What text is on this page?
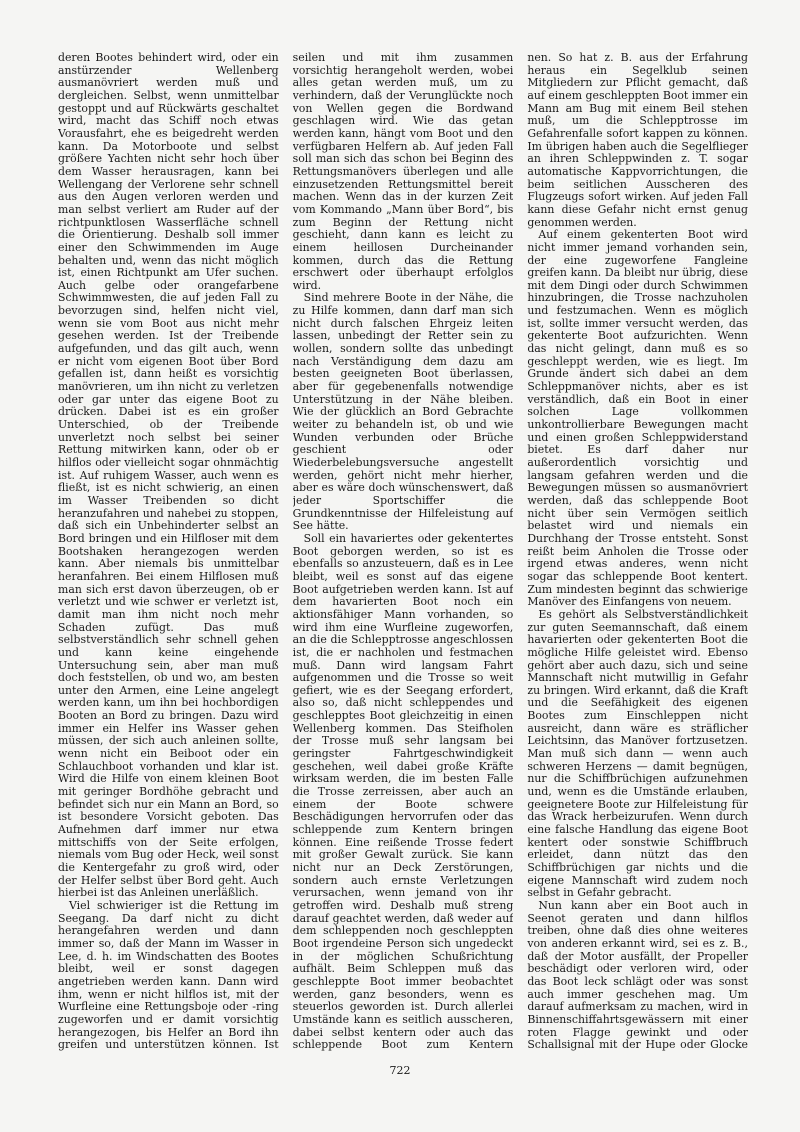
deren Bootes behindert wird, oder ein anstürzender Wellenberg ausmanövriert werden muß und dergleichen. Selbst, wenn unmittelbar gestoppt und auf Rückwärts geschaltet wird, macht das Schiff noch etwas Vorausfahrt, ehe es beigedreht werden kann. Da Motorboote und selbst größere Yachten nicht sehr hoch über dem Wasser herausragen, kann bei Wellengang der Verlorene sehr schnell aus den Augen verloren werden und man selbst verliert am Ruder auf der richtpunktlosen Wasserfläche schnell die Orientierung. Deshalb soll immer einer den Schwimmenden im Auge behalten und, wenn das nicht möglich ist, einen Richtpunkt am Ufer suchen. Auch gelbe oder orangefarbene Schwimmwesten, die auf jeden Fall zu bevorzugen sind, helfen nicht viel, wenn sie vom Boot aus nicht mehr gesehen werden. Ist der Treibende aufgefunden, und das gilt auch, wenn er nicht vom eigenen Boot über Bord gefallen ist, dann heißt es vorsichtig manövrieren, um ihn nicht zu verletzen oder gar unter das eigene Boot zu drücken. Dabei ist es ein großer Unterschied, ob der Treibende unverletzt noch selbst bei seiner Rettung mitwirken kann, oder ob er hilflos oder vielleicht sogar ohnmächtig ist. Auf ruhigem Wasser, auch wenn es fließt, ist es nicht schwierig, an einen im Wasser Treibenden so dicht heranzufahren und nahebei zu stoppen, daß sich ein Unbehinderter selbst an Bord bringen und ein Hilfloser mit dem Bootshaken herangezogen werden kann. Aber niemals bis unmittelbar heranfahren. Bei einem Hilflosen muß man sich erst davon überzeugen, ob er verletzt und wie schwer er verletzt ist, damit man ihm nicht noch mehr Schaden zufügt. Das muß selbstverständlich sehr schnell gehen und kann keine eingehende Untersuchung sein, aber man muß doch feststellen, ob und wo, am besten unter den Armen, eine Leine angelegt werden kann, um ihn bei hochbordigen Booten an Bord zu bringen. Dazu wird immer ein Helfer ins Wasser gehen müssen, der sich auch anleinen sollte, wenn nicht ein Beiboot oder ein Schlauchboot vorhanden und klar ist. Wird die Hilfe von einem kleinen Boot mit geringer Bordhöhe gebracht und befindet sich nur ein Mann an Bord, so ist besondere Vorsicht geboten. Das Aufnehmen darf immer nur etwa mittschiffs von der Seite erfolgen, niemals vom Bug oder Heck, weil sonst die Kentergefahr zu groß wird, oder der Helfer selbst über Bord geht. Auch hierbei ist das Anleinen unerläßlich.

Viel schwieriger ist die Rettung im Seegang. Da darf nicht zu dicht herangefahren werden und dann immer so, daß der Mann im Wasser in Lee, d. h. im Windschatten des Bootes bleibt, weil er sonst dagegen angetrieben werden kann. Dann wird ihm, wenn er nicht hilflos ist, mit der Wurfleine eine Rettungsboje oder -ring zugeworfen und er damit vorsichtig herangezogen, bis Helfer an Bord ihn greifen und unterstützen können. Ist

seilen und mit ihm zusammen vorsichtig herangeholt werden, wobei alles getan werden muß, um zu verhindern, daß der Verunglückte noch von Wellen gegen die Bordwand geschlagen wird. Wie das getan werden kann, hängt vom Boot und den verfügbaren Helfern ab. Auf jeden Fall soll man sich das schon bei Beginn des Rettungsmanövers überlegen und alle einzusetzenden Rettungsmittel bereit machen. Wenn das in der kurzen Zeit vom Kommando „Mann über Bord“, bis zum Beginn der Rettung nicht geschieht, dann kann es leicht zu einem heillosen Durcheinander kommen, durch das die Rettung erschwert oder überhaupt erfolglos wird.

Sind mehrere Boote in der Nähe, die zu Hilfe kommen, dann darf man sich nicht durch falschen Ehrgeiz leiten lassen, unbedingt der Retter sein zu wollen, sondern sollte das unbedingt nach Verständigung dem dazu am besten geeigneten Boot überlassen, aber für gegebenenfalls notwendige Unterstützung in der Nähe bleiben. Wie der glücklich an Bord Gebrachte weiter zu behandeln ist, ob und wie Wunden verbunden oder Brüche geschient oder Wiederbelebungsversuche angestellt werden, gehört nicht mehr hierher, aber es wäre doch wünschenswert, daß jeder Sportschiffer die Grundkenntnisse der Hilfeleistung auf See hätte.

Soll ein havariertes oder gekentertes Boot geborgen werden, so ist es ebenfalls so anzusteuern, daß es in Lee bleibt, weil es sonst auf das eigene Boot aufgetrieben werden kann. Ist auf dem havarierten Boot noch ein aktionsfähiger Mann vorhanden, so wird ihm eine Wurfleine zugeworfen, an die die Schlepptrosse angeschlossen ist, die er nachholen und festmachen muß. Dann wird langsam Fahrt aufgenommen und die Trosse so weit gefiert, wie es der Seegang erfordert, also so, daß nicht schleppendes und geschlepptes Boot gleichzeitig in einen Wellenberg kommen. Das Steifholen der Trosse muß sehr langsam bei geringster Fahrtgeschwindigkeit geschehen, weil dabei große Kräfte wirksam werden, die im besten Falle die Trosse zerreissen, aber auch an einem der Boote schwere Beschädigungen hervorrufen oder das schleppende zum Kentern bringen können. Eine reißende Trosse federt mit großer Gewalt zurück. Sie kann nicht nur an Deck Zerstörungen, sondern auch ernste Verletzungen verursachen, wenn jemand von ihr getroffen wird. Deshalb muß streng darauf geachtet werden, daß weder auf dem schleppenden noch geschleppten Boot irgendeine Person sich ungedeckt in der möglichen Schußrichtung aufhält. Beim Schleppen muß das geschleppte Boot immer beobachtet werden, ganz besonders, wenn es steuerlos geworden ist. Durch allerlei Umstände kann es seitlich ausscheren, dabei selbst kentern oder auch das schleppende Boot zum Kentern

nen. So hat z. B. aus der Erfahrung heraus ein Segelklub seinen Mitgliedern zur Pflicht gemacht, daß auf einem geschleppten Boot immer ein Mann am Bug mit einem Beil stehen muß, um die Schlepptrosse im Gefahrenfalle sofort kappen zu können. Im übrigen haben auch die Segelflieger an ihren Schleppwinden z. T. sogar automatische Kappvorrichtungen, die beim seitlichen Ausscheren des Flugzeugs sofort wirken. Auf jeden Fall kann diese Gefahr nicht ernst genug genommen werden.

Auf einem gekenterten Boot wird nicht immer jemand vorhanden sein, der eine zugeworfene Fangleine greifen kann. Da bleibt nur übrig, diese mit dem Dingi oder durch Schwimmen hinzubringen, die Trosse nachzuholen und festzumachen. Wenn es möglich ist, sollte immer versucht werden, das gekenterte Boot aufzurichten. Wenn das nicht gelingt, dann muß es so geschleppt werden, wie es liegt. Im Grunde ändert sich dabei an dem Schleppmanöver nichts, aber es ist verständlich, daß ein Boot in einer solchen Lage vollkommen unkontrollierbare Bewegungen macht und einen großen Schleppwiderstand bietet. Es darf daher nur außerordentlich vorsichtig und langsam gefahren werden und die Bewegungen müssen so ausmanövriert werden, daß das schleppende Boot nicht über sein Vermögen seitlich belastet wird und niemals ein Durchhang der Trosse entsteht. Sonst reißt beim Anholen die Trosse oder irgend etwas anderes, wenn nicht sogar das schleppende Boot kentert. Zum mindesten beginnt das schwierige Manöver des Einfangens von neuem.

Es gehört als Selbstverständlichkeit zur guten Seemannschaft, daß einem havarierten oder gekenterten Boot die mögliche Hilfe geleistet wird. Ebenso gehört aber auch dazu, sich und seine Mannschaft nicht mutwillig in Gefahr zu bringen. Wird erkannt, daß die Kraft und die Seefähigkeit des eigenen Bootes zum Einschleppen nicht ausreicht, dann wäre es sträflicher Leichtsinn, das Manöver fortzusetzen. Man muß sich dann — wenn auch schweren Herzens — damit begnügen, nur die Schiffbrüchigen aufzunehmen und, wenn es die Umstände erlauben, geeignetere Boote zur Hilfeleistung für das Wrack herbeizurufen. Wenn durch eine falsche Handlung das eigene Boot kentert oder sonstwie Schiffbruch erleidet, dann nützt das den Schiffbrüchigen gar nichts und die eigene Mannschaft wird zudem noch selbst in Gefahr gebracht.

Nun kann aber ein Boot auch in Seenot geraten und dann hilflos treiben, ohne daß dies ohne weiteres von anderen erkannt wird, sei es z. B., daß der Motor ausfällt, der Propeller beschädigt oder verloren wird, oder das Boot leck schlägt oder was sonst auch immer geschehen mag. Um darauf aufmerksam zu machen, wird in Binnenschiffahrtsgewässern mit einer roten Flagge gewinkt und oder Schallsignal mit der Hupe oder Glocke

722
